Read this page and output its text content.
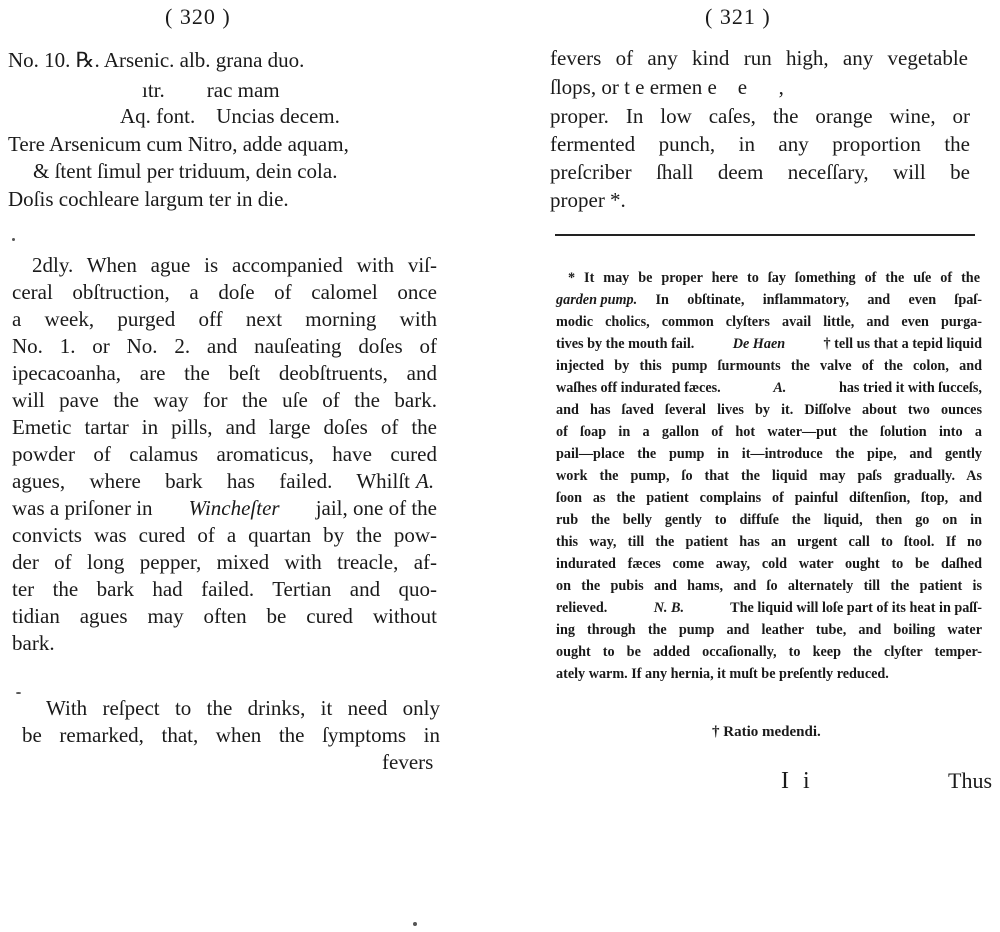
( 320 )
No. 10. ℞. Arsenic. alb. grana duo.
ıtr.        rac mam
Aq. font.    Uncias decem.
Tere Arsenicum cum Nitro, adde aquam,
& ſtent ſimul per triduum, dein cola.
Doſis cochleare largum ter in die.
2dly. When ague is accompanied with viſ-
ceral obſtruction, a doſe of calomel once
a week, purged off next morning with
No. 1. or No. 2. and nauſeating doſes of
ipecacoanha, are the beſt deobſtruents, and
will pave the way for the uſe of the bark.
Emetic tartar in pills, and large doſes of the
powder of calamus aromaticus, have cured
agues, where bark has failed. Whilſt A.
was a priſoner in Wincheſter jail, one of the
convicts was cured of a quartan by the pow-
der of long pepper, mixed with treacle, af-
ter the bark had failed. Tertian and quo-
tidian agues may often be cured without
bark.
With reſpect to the drinks, it need only
be remarked, that, when the ſymptoms in
fevers
( 321 )
fevers of any kind run high, any vegetable
ſlops, or t e ermen e    e      ,
proper. In low caſes, the orange wine, or
fermented punch, in any proportion the
preſcriber ſhall deem neceſſary, will be
proper *.
* It may be proper here to ſay ſomething of the uſe of the
garden pump. In obſtinate, inflammatory, and even ſpaſ-
modic cholics, common clyſters avail little, and even purga-
tives by the mouth fail. De Haen † tell us that a tepid liquid
injected by this pump ſurmounts the valve of the colon, and
waſhes off indurated fæces.	A.	has tried it with ſucceſs,
and has ſaved ſeveral lives by it. Diſſolve about two ounces
of ſoap in a gallon of hot water—put the ſolution into a
pail—place the pump in it—introduce the pipe, and gently
work the pump, ſo that the liquid may paſs gradually. As
ſoon as the patient complains of painful diſtenſion, ſtop, and
rub the belly gently to diffuſe the liquid, then go on in
this way, till the patient has an urgent call to ſtool. If no
indurated fæces come away, cold water ought to be daſhed
on the pubis and hams, and ſo alternately till the patient is
relieved.	N. B.	The liquid will loſe part of its heat in paſſ-
ing through the pump and leather tube, and boiling water
ought to be added occaſionally, to keep the clyſter temper-
ately warm. If any hernia, it muſt be preſently reduced.
† Ratio medendi.
I i	Thus
